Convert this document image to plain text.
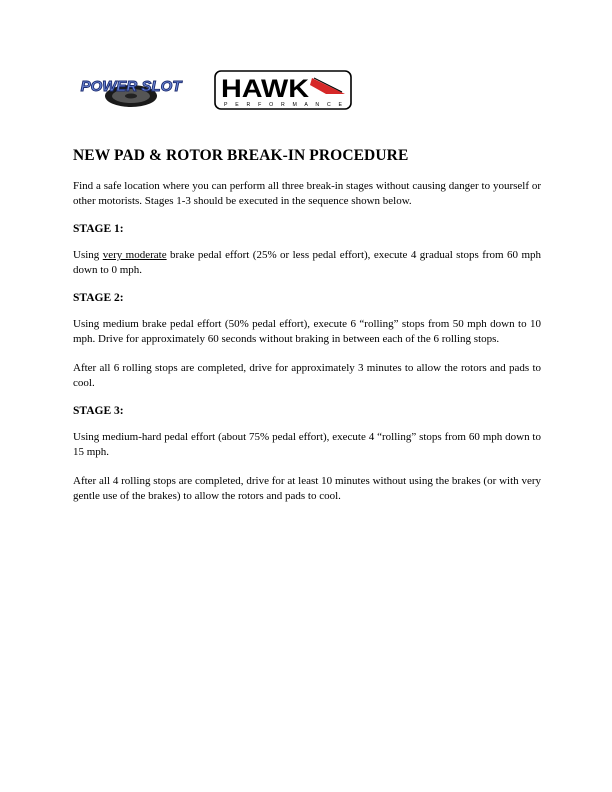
POWER SLOT HAWK
P E R F O R M A N C E
NEW PAD & ROTOR BREAK-IN PROCEDURE

Find a safe location where you can perform all three break-in stages without causing danger to yourself or other motorists. Stages 1-3 should be executed in the sequence shown below.

STAGE 1:

Using very moderate brake pedal effort (25% or less pedal effort), execute 4 gradual stops from 60 mph down to 0 mph.

STAGE 2:

Using medium brake pedal effort (50% pedal effort), execute 6 “rolling” stops from 50 mph down to 10 mph. Drive for approximately 60 seconds without braking in between each of the 6 rolling stops.

After all 6 rolling stops are completed, drive for approximately 3 minutes to allow the rotors and pads to cool.

STAGE 3:

Using medium-hard pedal effort (about 75% pedal effort), execute 4 “rolling” stops from 60 mph down to 15 mph.

After all 4 rolling stops are completed, drive for at least 10 minutes without using the brakes (or with very gentle use of the brakes) to allow the rotors and pads to cool.
